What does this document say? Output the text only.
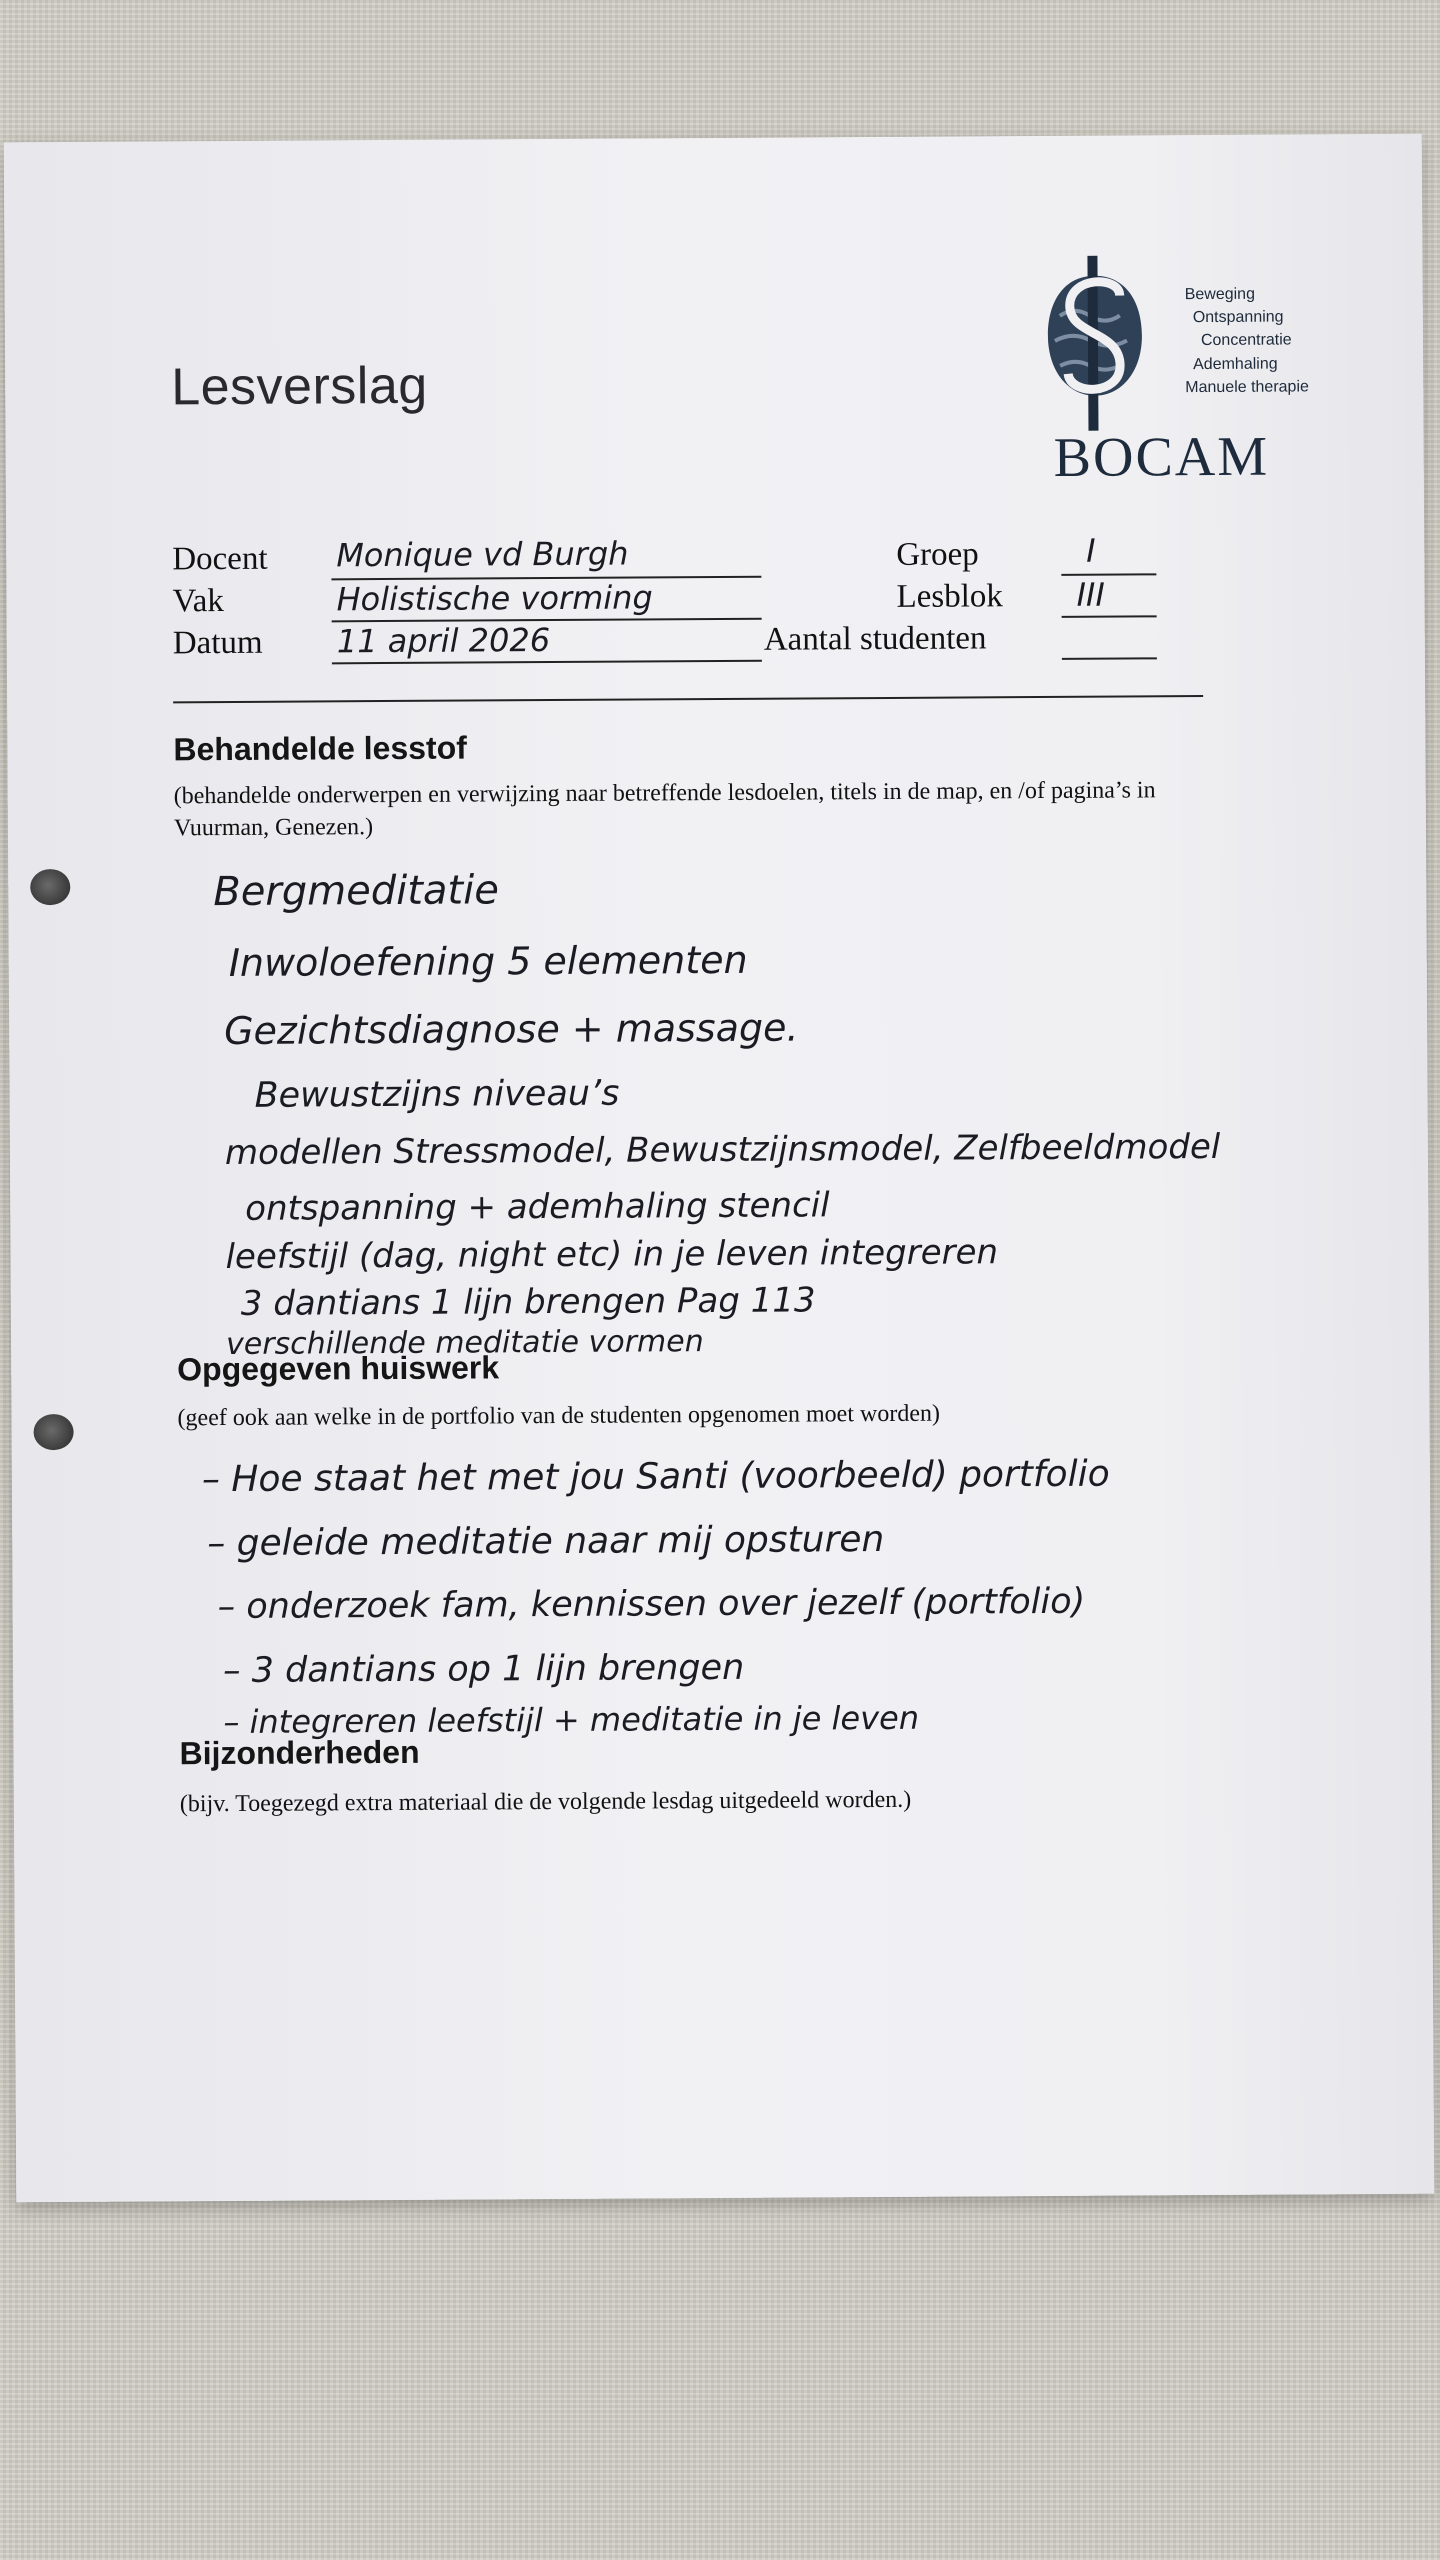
Lesverslag
Beweging
Ontspanning
Concentratie
Ademhaling
Manuele therapie
BOCAM
Docent
Vak
Datum
Monique vd Burgh
Holistische vorming
11 april 2026
Groep
Lesblok
Aantal studenten
I
III
Behandelde lesstof
(behandelde onderwerpen en verwijzing naar betreffende lesdoelen, titels in de map, en /of pagina’s in Vuurman, Genezen.)
Bergmeditatie
Inwoloefening 5 elementen
Gezichtsdiagnose + massage.
Bewustzijns niveau’s
modellen Stressmodel, Bewustzijnsmodel, Zelfbeeldmodel
ontspanning + ademhaling stencil
leefstijl (dag, night etc) in je leven integreren
3 dantians 1 lijn brengen Pag 113
verschillende meditatie vormen
Opgegeven huiswerk
(geef ook aan welke in de portfolio van de studenten opgenomen moet worden)
– Hoe staat het met jou Santi (voorbeeld) portfolio
– geleide meditatie naar mij opsturen
– onderzoek fam, kennissen over jezelf (portfolio)
– 3 dantians op 1 lijn brengen
– integreren leefstijl + meditatie in je leven
Bijzonderheden
(bijv. Toegezegd extra materiaal die de volgende lesdag uitgedeeld worden.)
